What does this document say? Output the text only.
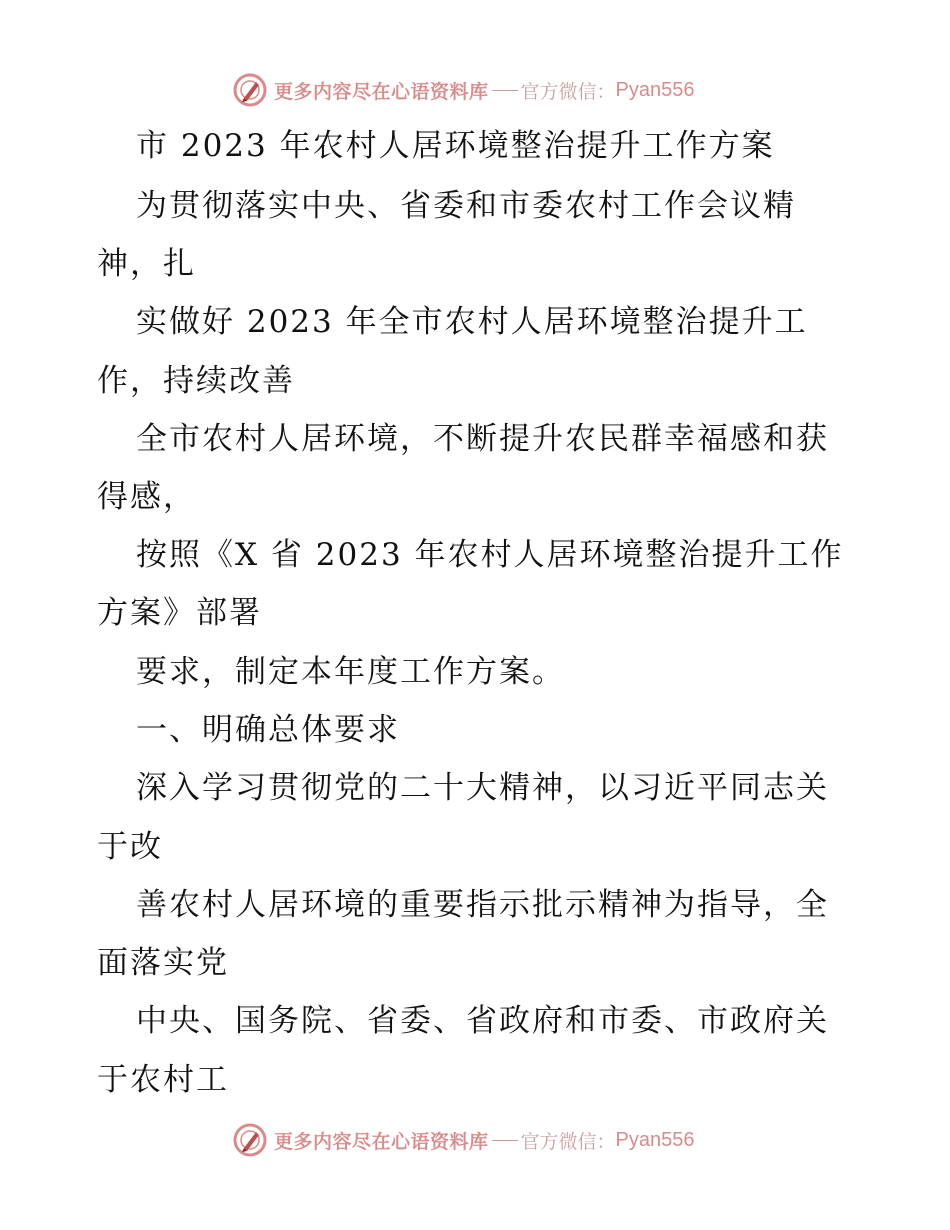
更多内容尽在心语资料库 官方微信： Pyan556
市 2023 年农村人居环境整治提升工作方案
为贯彻落实中央、省委和市委农村工作会议精
神，扎
实做好 2023 年全市农村人居环境整治提升工
作，持续改善
全市农村人居环境，不断提升农民群幸福感和获
得感，
按照《X 省 2023 年农村人居环境整治提升工作
方案》部署
要求，制定本年度工作方案。
一、明确总体要求
深入学习贯彻党的二十大精神，以习近平同志关
于改
善农村人居环境的重要指示批示精神为指导，全
面落实党
中央、国务院、省委、省政府和市委、市政府关
于农村工
更多内容尽在心语资料库 官方微信： Pyan556
